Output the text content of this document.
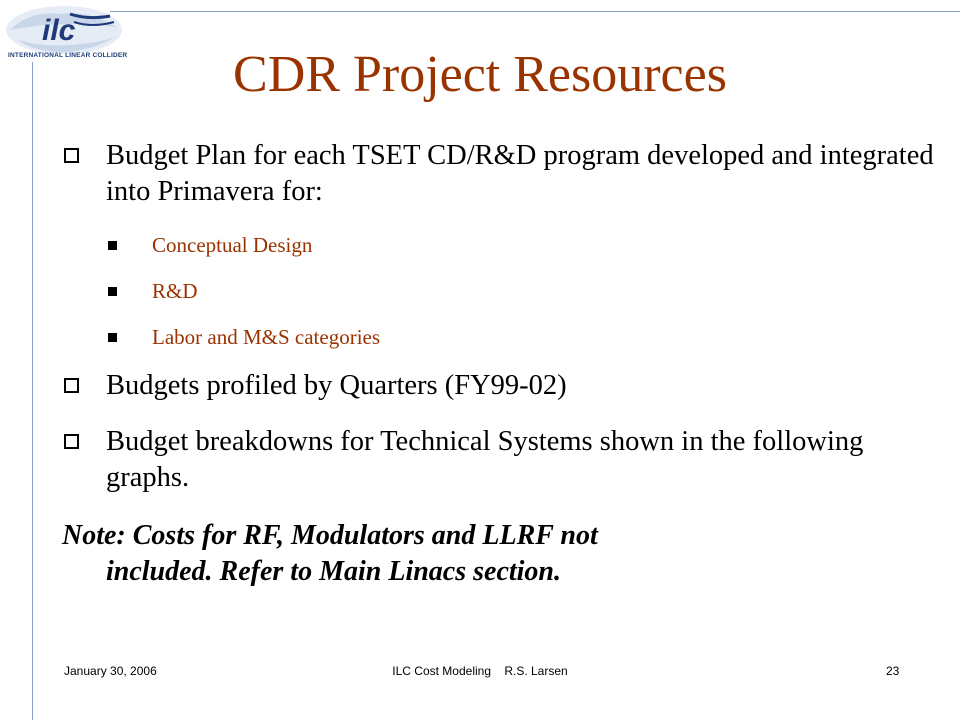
ilc
INTERNATIONAL LINEAR COLLIDER	CDR Project Resources
Budget Plan for each TSET CD/R&D program developed and integrated into Primavera for:
Conceptual Design
R&D
Labor and M&S categories
Budgets profiled by Quarters (FY99-02)
Budget breakdowns for Technical Systems shown in the following graphs.
Note: Costs for RF, Modulators and LLRF not
included. Refer to Main Linacs section.
January 30, 2006	ILC Cost Modeling    R.S. Larsen	23
